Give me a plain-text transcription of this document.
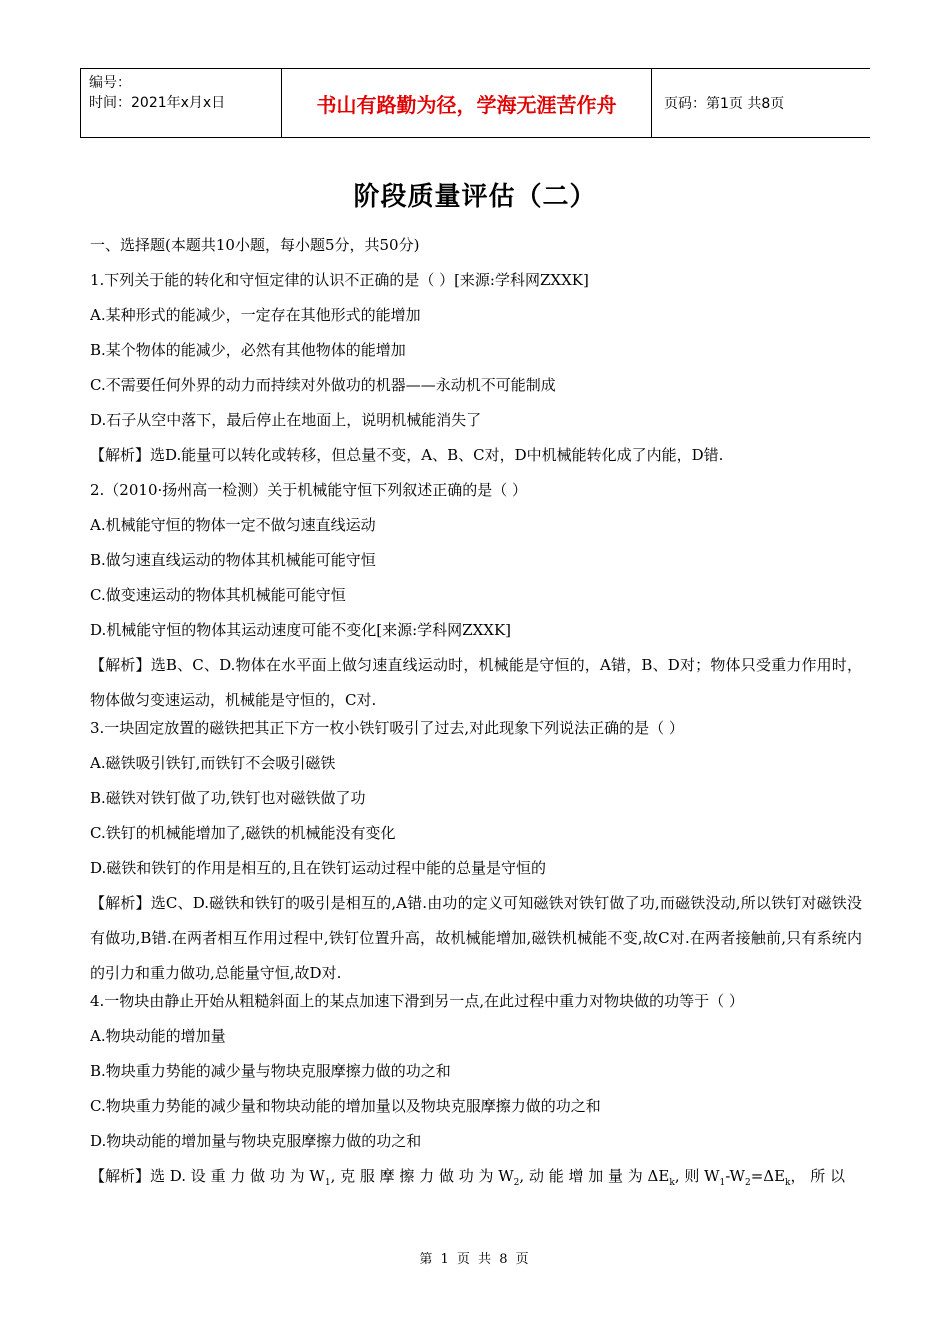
编号：
时间：2021年x月x日	书山有路勤为径，学海无涯苦作舟	页码：第1页 共8页
阶段质量评估（二）
一、选择题(本题共10小题，每小题5分，共50分)
1.下列关于能的转化和守恒定律的认识不正确的是（ ）[来源:学科网ZXXK]
A.某种形式的能减少，一定存在其他形式的能增加
B.某个物体的能减少，必然有其他物体的能增加
C.不需要任何外界的动力而持续对外做功的机器——永动机不可能制成
D.石子从空中落下，最后停止在地面上，说明机械能消失了
【解析】选D.能量可以转化或转移，但总量不变，A、B、C对，D中机械能转化成了内能，D错.
2.（2010·扬州高一检测）关于机械能守恒下列叙述正确的是（ ）
A.机械能守恒的物体一定不做匀速直线运动
B.做匀速直线运动的物体其机械能可能守恒
C.做变速运动的物体其机械能可能守恒
D.机械能守恒的物体其运动速度可能不变化[来源:学科网ZXXK]
【解析】选B、C、D.物体在水平面上做匀速直线运动时，机械能是守恒的，A错，B、D对；物体只受重力作用时，物体做匀变速运动，机械能是守恒的，C对.
3.一块固定放置的磁铁把其正下方一枚小铁钉吸引了过去,对此现象下列说法正确的是（ ）
A.磁铁吸引铁钉,而铁钉不会吸引磁铁
B.磁铁对铁钉做了功,铁钉也对磁铁做了功
C.铁钉的机械能增加了,磁铁的机械能没有变化
D.磁铁和铁钉的作用是相互的,且在铁钉运动过程中能的总量是守恒的
【解析】选C、D.磁铁和铁钉的吸引是相互的,A错.由功的定义可知磁铁对铁钉做了功,而磁铁没动,所以铁钉对磁铁没有做功,B错.在两者相互作用过程中,铁钉位置升高，故机械能增加,磁铁机械能不变,故C对.在两者接触前,只有系统内的引力和重力做功,总能量守恒,故D对.
4.一物块由静止开始从粗糙斜面上的某点加速下滑到另一点,在此过程中重力对物块做的功等于（ ）
A.物块动能的增加量
B.物块重力势能的减少量与物块克服摩擦力做的功之和
C.物块重力势能的减少量和物块动能的增加量以及物块克服摩擦力做的功之和
D.物块动能的增加量与物块克服摩擦力做的功之和
【解析】选 D. 设 重 力 做 功 为 $W_1$, 克 服 摩 擦 力 做 功 为 $W_2$, 动 能 增 加 量 为 $\Delta E_k$, 则 $W_1-W_2=\Delta E_k$， 所 以
第 1 页 共 8 页
